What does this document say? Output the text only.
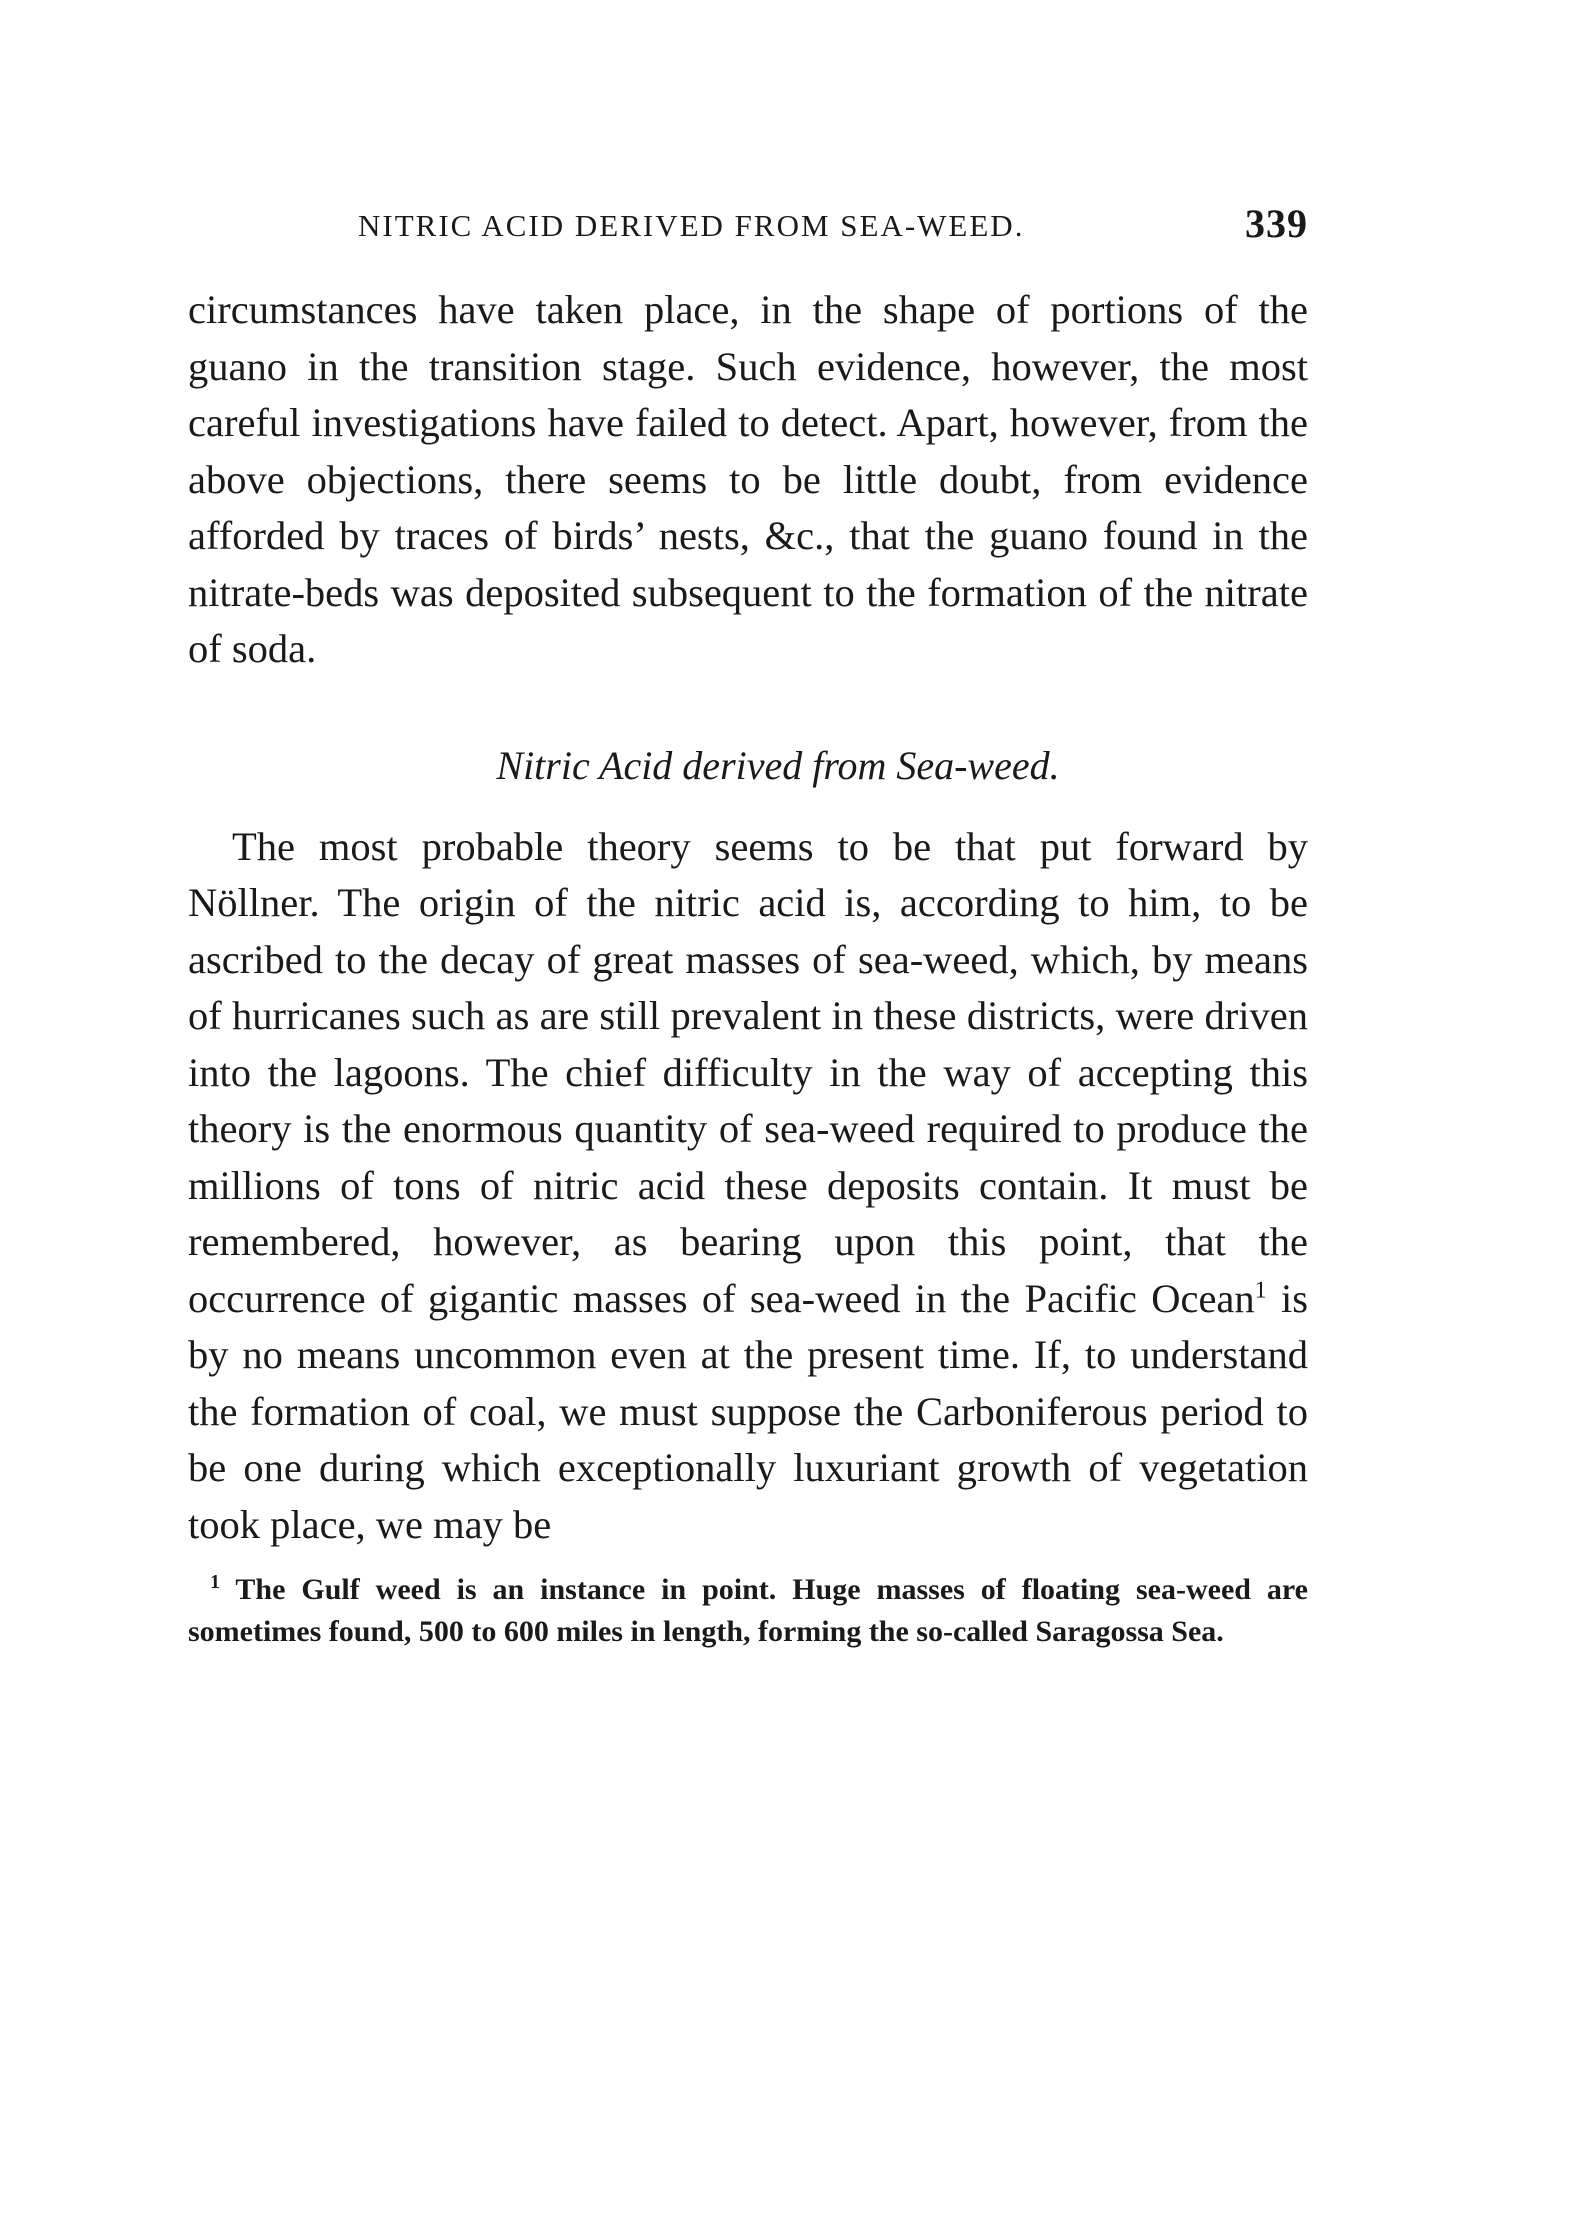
NITRIC ACID DERIVED FROM SEA-WEED.	339

circumstances have taken place, in the shape of portions of the guano in the transition stage. Such evidence, however, the most careful investigations have failed to detect. Apart, however, from the above objections, there seems to be little doubt, from evidence afforded by traces of birds’ nests, &c., that the guano found in the nitrate-beds was deposited subsequent to the formation of the nitrate of soda.

Nitric Acid derived from Sea-weed.

The most probable theory seems to be that put forward by Nöllner. The origin of the nitric acid is, according to him, to be ascribed to the decay of great masses of sea-weed, which, by means of hurricanes such as are still prevalent in these districts, were driven into the lagoons. The chief difficulty in the way of accepting this theory is the enormous quantity of sea-weed required to produce the millions of tons of nitric acid these deposits contain. It must be remembered, however, as bearing upon this point, that the occurrence of gigantic masses of sea-weed in the Pacific Ocean$^1$ is by no means uncommon even at the present time. If, to understand the formation of coal, we must suppose the Carboniferous period to be one during which exceptionally luxuriant growth of vegetation took place, we may be

$^1$ The Gulf weed is an instance in point. Huge masses of floating sea-weed are sometimes found, 500 to 600 miles in length, forming the so-called Saragossa Sea.
